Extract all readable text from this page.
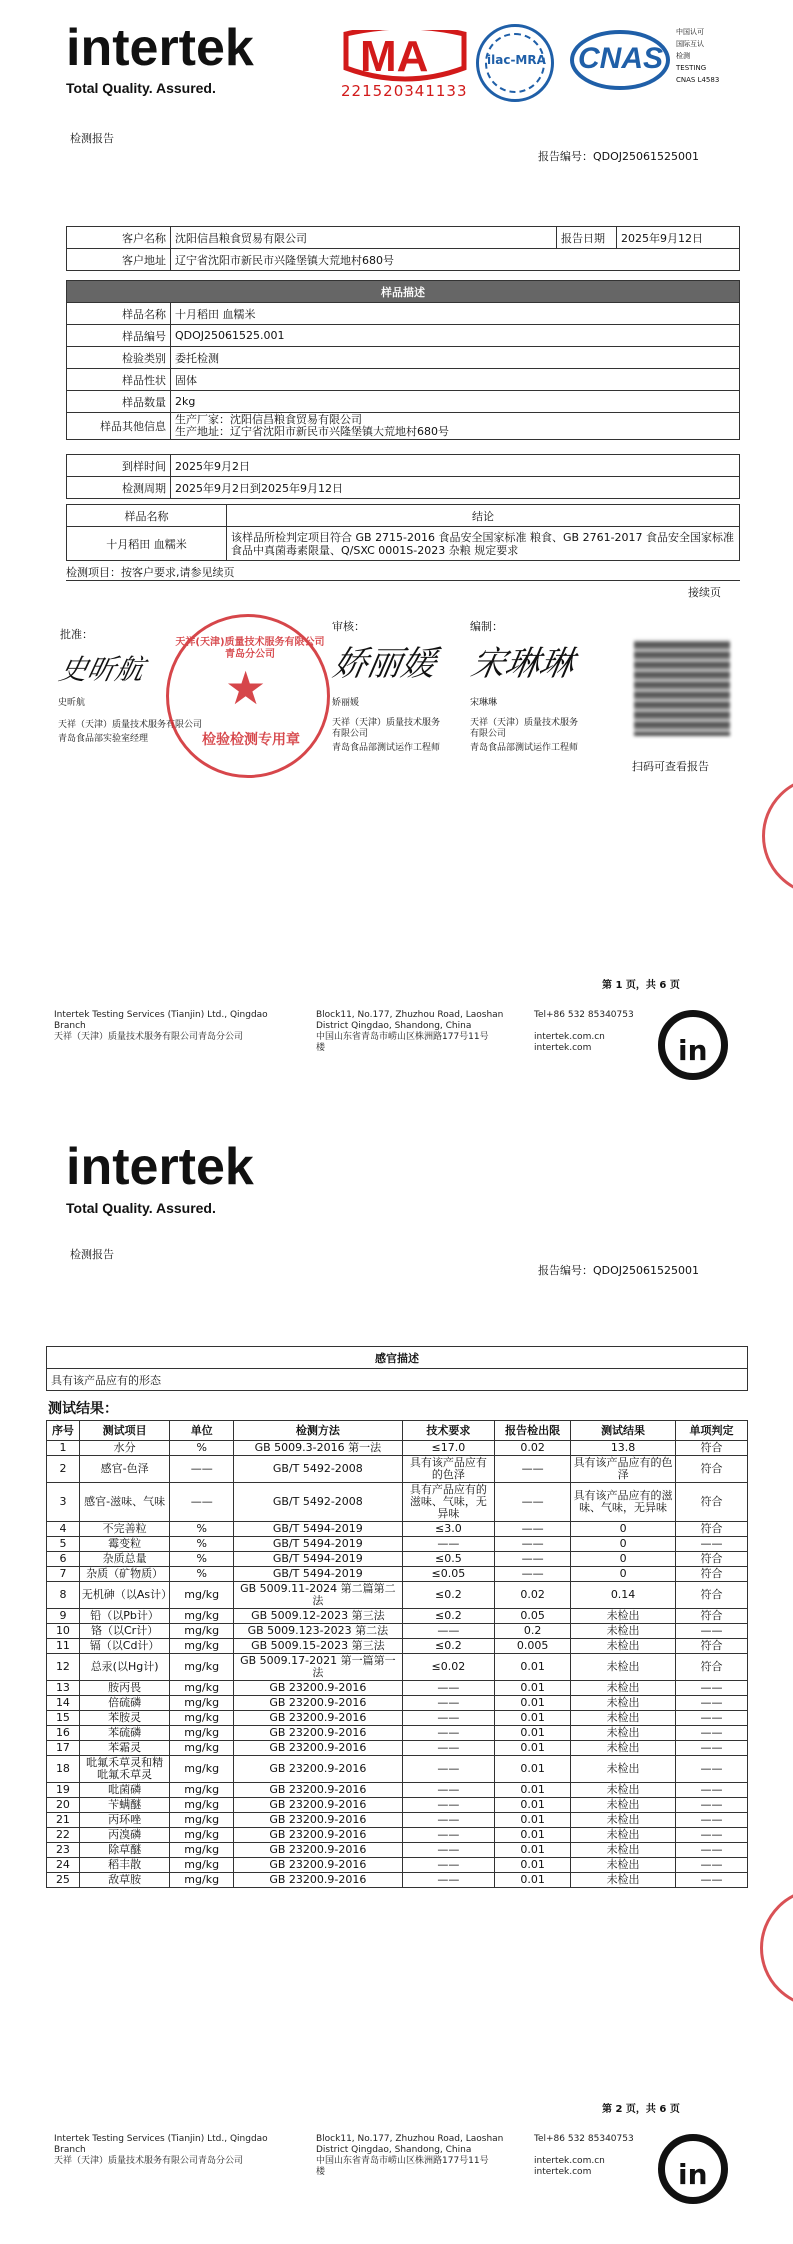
intertek
Total Quality. Assured.
MA
221520341133
ilac-MRA CNAS
中国认可
国际互认
检测
TESTING
CNAS L4583
检测报告
报告编号：QDOJ25061525001
客户名称	沈阳信昌粮食贸易有限公司	报告日期	2025年9月12日
客户地址	辽宁省沈阳市新民市兴隆堡镇大荒地村680号		
样品描述	
样品名称	十月稻田 血糯米
样品编号	QDOJ25061525.001
检验类别	委托检测
样品性状	固体
样品数量	2kg
样品其他信息	生产厂家：沈阳信昌粮食贸易有限公司
生产地址：辽宁省沈阳市新民市兴隆堡镇大荒地村680号
到样时间	2025年9月2日
检测周期	2025年9月2日到2025年9月12日
样品名称	结论
十月稻田 血糯米	该样品所检判定项目符合 GB 2715-2016 食品安全国家标准 粮食、GB 2761-2017 食品安全国家标准 食品中真菌毒素限量、Q/SXC 0001S-2023 杂粮 规定要求
检测项目：按客户要求,请参见续页
接续页
批准：
审核：	编制：
史昕航	娇丽媛 宋琳琳
史昕航
天祥（天津）质量技术服务有限公司
青岛食品部实验室经理
娇丽媛
天祥（天津）质量技术服务
有限公司
青岛食品部测试运作工程师
宋琳琳
天祥（天津）质量技术服务
有限公司
青岛食品部测试运作工程师
★
天祥(天津)质量技术服务有限公司青岛分公司
检验检测专用章
扫码可查看报告
第 1 页，共 6 页
Intertek Testing Services (Tianjin) Ltd., Qingdao
Branch
天祥（天津）质量技术服务有限公司青岛分公司
Block11, No.177, Zhuzhou Road, Laoshan
District Qingdao, Shandong, China
中国山东省青岛市崂山区株洲路177号11号
楼
Tel+86 532 85340753
intertek.com.cn
intertek.com	in
intertek
Total Quality. Assured.
检测报告
报告编号：QDOJ25061525001
感官描述
具有该产品应有的形态
测试结果：
序号	测试项目	单位	检测方法	技术要求	报告检出限	测试结果	单项判定
1	水分	%	GB 5009.3-2016 第一法	≤17.0	0.02	13.8	符合
2	感官-色泽	——	GB/T 5492-2008	具有该产品应有的色泽	——	具有该产品应有的色泽	符合
3	感官-滋味、气味	——	GB/T 5492-2008	具有产品应有的滋味、气味，无异味	——	具有该产品应有的滋味、气味，无异味	符合
4	不完善粒	%	GB/T 5494-2019	≤3.0	——	0	符合
5	霉变粒	%	GB/T 5494-2019	——	——	0	——
6	杂质总量	%	GB/T 5494-2019	≤0.5	——	0	符合
7	杂质（矿物质）	%	GB/T 5494-2019	≤0.05	——	0	符合
8	无机砷（以As计）	mg/kg	GB 5009.11-2024 第二篇第二法	≤0.2	0.02	0.14	符合
9	铅（以Pb计）	mg/kg	GB 5009.12-2023 第三法	≤0.2	0.05	未检出	符合
10	铬（以Cr计）	mg/kg	GB 5009.123-2023 第二法	——	0.2	未检出	——
11	镉（以Cd计）	mg/kg	GB 5009.15-2023 第三法	≤0.2	0.005	未检出	符合
12	总汞(以Hg计)	mg/kg	GB 5009.17-2021 第一篇第一法	≤0.02	0.01	未检出	符合
13	胺丙畏	mg/kg	GB 23200.9-2016	——	0.01	未检出	——
14	倍硫磷	mg/kg	GB 23200.9-2016	——	0.01	未检出	——
15	苯胺灵	mg/kg	GB 23200.9-2016	——	0.01	未检出	——
16	苯硫磷	mg/kg	GB 23200.9-2016	——	0.01	未检出	——
17	苯霜灵	mg/kg	GB 23200.9-2016	——	0.01	未检出	——
18	吡氟禾草灵和精吡氟禾草灵	mg/kg	GB 23200.9-2016	——	0.01	未检出	——
19	吡菌磷	mg/kg	GB 23200.9-2016	——	0.01	未检出	——
20	苄螨醚	mg/kg	GB 23200.9-2016	——	0.01	未检出	——
21	丙环唑	mg/kg	GB 23200.9-2016	——	0.01	未检出	——
22	丙溴磷	mg/kg	GB 23200.9-2016	——	0.01	未检出	——
23	除草醚	mg/kg	GB 23200.9-2016	——	0.01	未检出	——
24	稻丰散	mg/kg	GB 23200.9-2016	——	0.01	未检出	——
25	敌草胺	mg/kg	GB 23200.9-2016	——	0.01	未检出	——
第 2 页，共 6 页
Intertek Testing Services (Tianjin) Ltd., Qingdao
Branch
天祥（天津）质量技术服务有限公司青岛分公司
Block11, No.177, Zhuzhou Road, Laoshan
District Qingdao, Shandong, China
中国山东省青岛市崂山区株洲路177号11号
楼
Tel+86 532 85340753
intertek.com.cn
intertek.com	in
